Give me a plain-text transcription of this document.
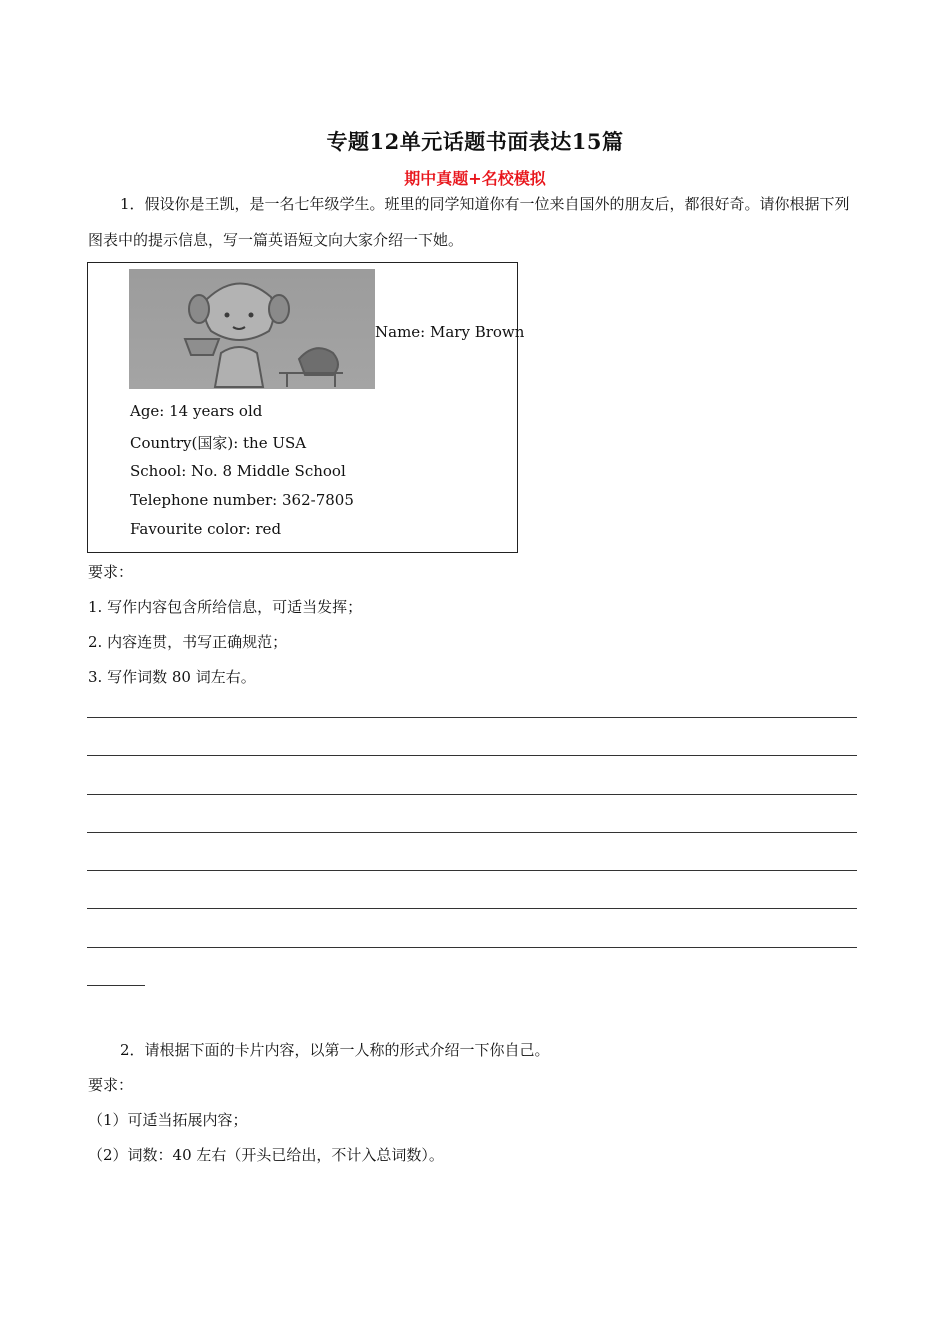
专题12单元话题书面表达15篇
期中真题+名校模拟
1．假设你是王凯，是一名七年级学生。班里的同学知道你有一位来自国外的朋友后，都很好奇。请你根据下列图表中的提示信息，写一篇英语短文向大家介绍一下她。
Name: Mary Brown
Age: 14 years old
Country(国家): the USA
School: No. 8 Middle School
Telephone number: 362-7805
Favourite color: red
要求：
1. 写作内容包含所给信息，可适当发挥；
2. 内容连贯，书写正确规范；
3. 写作词数 80 词左右。
2．请根据下面的卡片内容，以第一人称的形式介绍一下你自己。
要求：
（1）可适当拓展内容；
（2）词数：40 左右（开头已给出，不计入总词数）。
